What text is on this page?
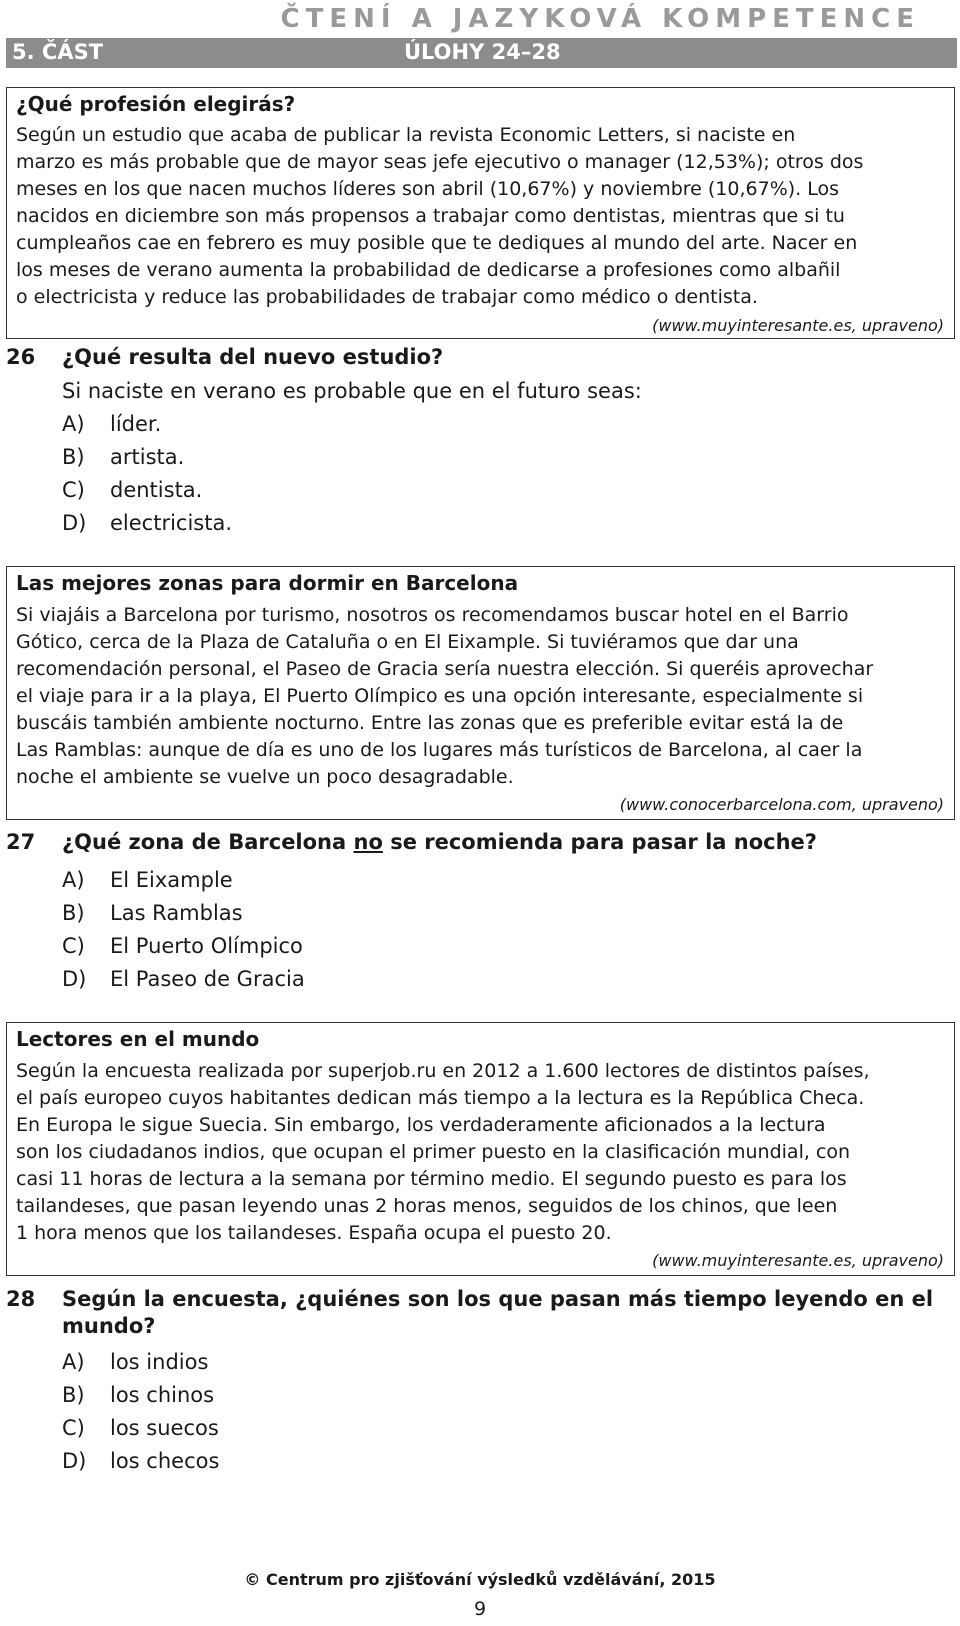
ČTENÍ A JAZYKOVÁ KOMPETENCE
5. ČÁST	ÚLOHY 24–28
¿Qué profesión elegirás?
Según un estudio que acaba de publicar la revista Economic Letters, si naciste en
marzo es más probable que de mayor seas jefe ejecutivo o manager (12,53%); otros dos
meses en los que nacen muchos líderes son abril (10,67%) y noviembre (10,67%). Los
nacidos en diciembre son más propensos a trabajar como dentistas, mientras que si tu
cumpleaños cae en febrero es muy posible que te dediques al mundo del arte. Nacer en
los meses de verano aumenta la probabilidad de dedicarse a profesiones como albañil
o electricista y reduce las probabilidades de trabajar como médico o dentista.
(www.muyinteresante.es, upraveno)
26 ¿Qué resulta del nuevo estudio?
Si naciste en verano es probable que en el futuro seas:
A) líder.
B) artista.
C) dentista.
D) electricista.
Las mejores zonas para dormir en Barcelona
Si viajáis a Barcelona por turismo, nosotros os recomendamos buscar hotel en el Barrio
Gótico, cerca de la Plaza de Cataluña o en El Eixample. Si tuviéramos que dar una
recomendación personal, el Paseo de Gracia sería nuestra elección. Si queréis aprovechar
el viaje para ir a la playa, El Puerto Olímpico es una opción interesante, especialmente si
buscáis también ambiente nocturno. Entre las zonas que es preferible evitar está la de
Las Ramblas: aunque de día es uno de los lugares más turísticos de Barcelona, al caer la
noche el ambiente se vuelve un poco desagradable.
(www.conocerbarcelona.com, upraveno)
27 ¿Qué zona de Barcelona no se recomienda para pasar la noche?
A) El Eixample
B) Las Ramblas
C) El Puerto Olímpico
D) El Paseo de Gracia
Lectores en el mundo
Según la encuesta realizada por superjob.ru en 2012 a 1.600 lectores de distintos países,
el país europeo cuyos habitantes dedican más tiempo a la lectura es la República Checa.
En Europa le sigue Suecia. Sin embargo, los verdaderamente aficionados a la lectura
son los ciudadanos indios, que ocupan el primer puesto en la clasificación mundial, con
casi 11 horas de lectura a la semana por término medio. El segundo puesto es para los
tailandeses, que pasan leyendo unas 2 horas menos, seguidos de los chinos, que leen
1 hora menos que los tailandeses. España ocupa el puesto 20.
(www.muyinteresante.es, upraveno)
28 Según la encuesta, ¿quiénes son los que pasan más tiempo leyendo en el
mundo?
A) los indios
B) los chinos
C) los suecos
D) los checos
© Centrum pro zjišťování výsledků vzdělávání, 2015
9
